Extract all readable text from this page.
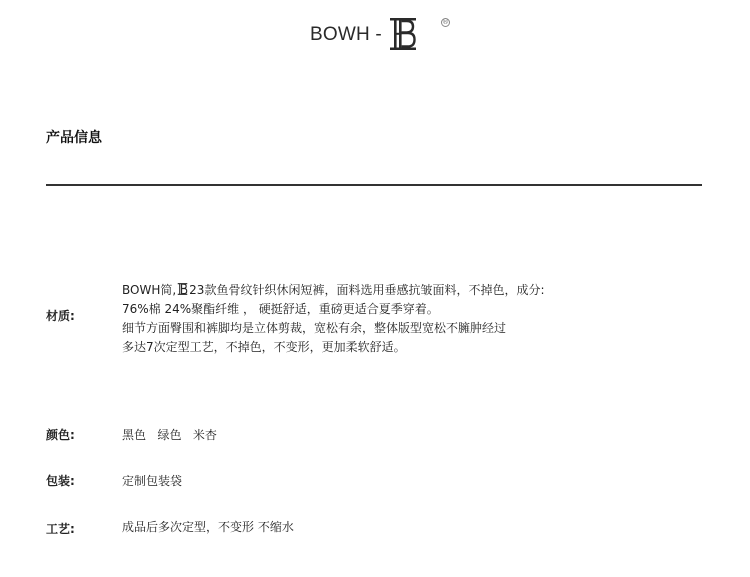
BOWH -
®
产品信息
材质:
BOWH简, 23款鱼骨纹针织休闲短裤，面料选用垂感抗皱面料，不掉色，成分:
76%棉 24%聚酯纤维 ， 硬挺舒适，重磅更适合夏季穿着。
细节方面臀围和裤脚均是立体剪裁，宽松有余，整体版型宽松不臃肿经过
多达7次定型工艺，不掉色，不变形，更加柔软舒适。
颜色:	黑色   绿色   米杏
包装:	定制包装袋
工艺:	成品后多次定型，不变形 不缩水
